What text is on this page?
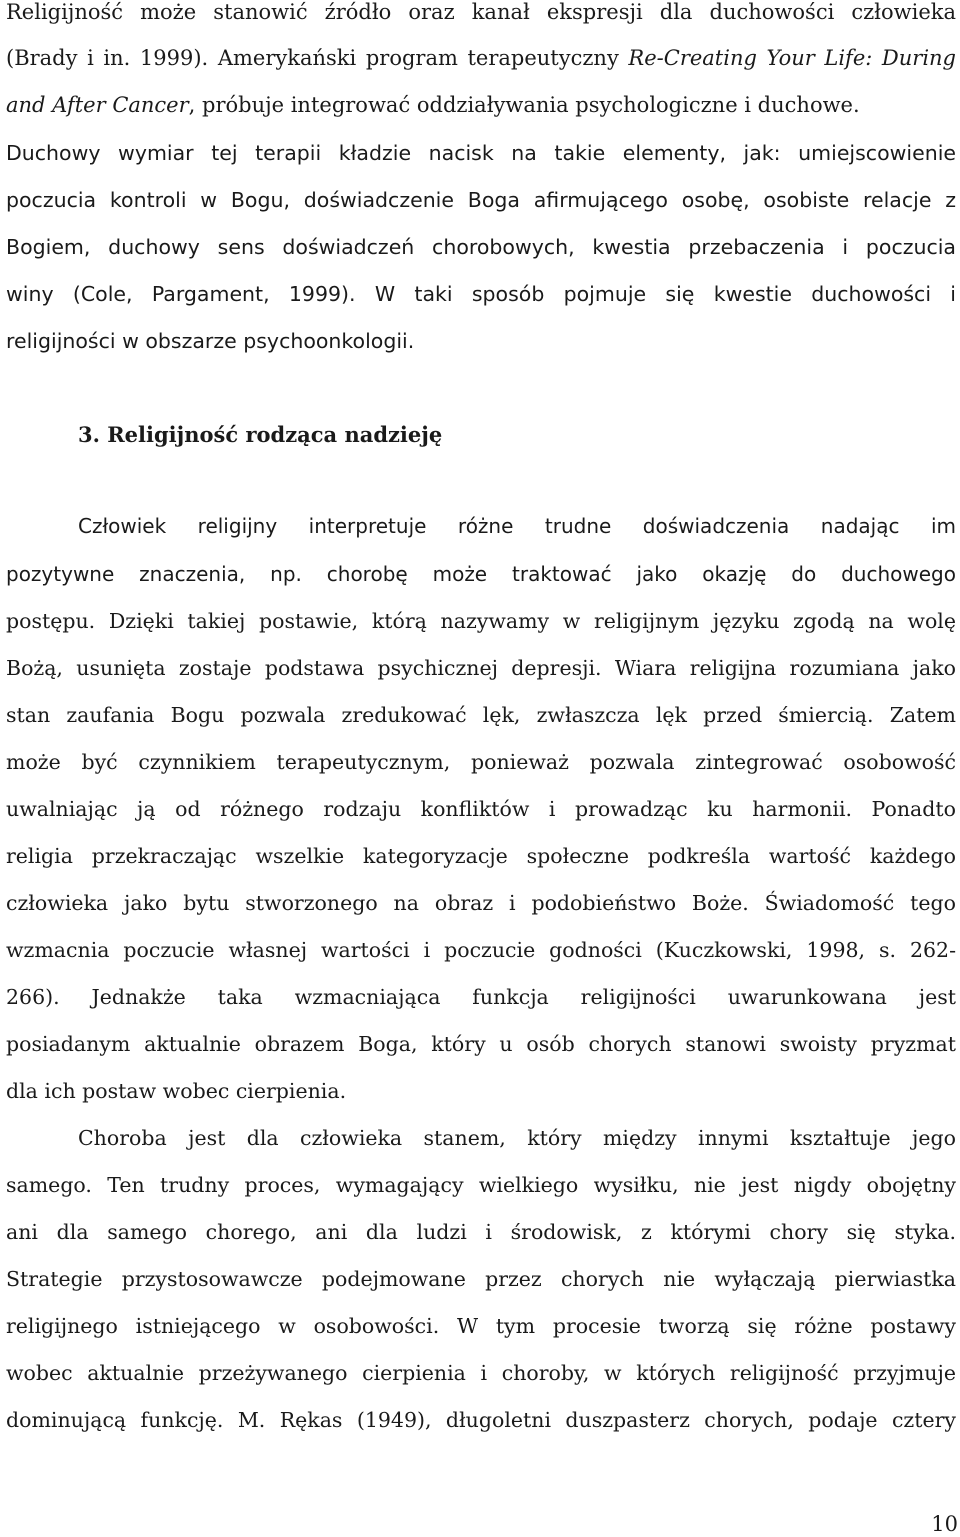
Religijność może stanowić źródło oraz kanał ekspresji dla duchowości człowieka
(Brady i in. 1999). Amerykański program terapeutyczny Re-Creating Your Life: During
and After Cancer, próbuje integrować oddziaływania psychologiczne i duchowe.
Duchowy wymiar tej terapii kładzie nacisk na takie elementy, jak: umiejscowienie
poczucia kontroli w Bogu, doświadczenie Boga afirmującego osobę, osobiste relacje z
Bogiem, duchowy sens doświadczeń chorobowych, kwestia przebaczenia i poczucia
winy (Cole, Pargament, 1999). W taki sposób pojmuje się kwestie duchowości i
religijności w obszarze psychoonkologii.
3. Religijność rodząca nadzieję
Człowiek religijny interpretuje różne trudne doświadczenia nadając im
pozytywne znaczenia, np. chorobę może traktować jako okazję do duchowego
postępu. Dzięki takiej postawie, którą nazywamy w religijnym języku zgodą na wolę
Bożą, usunięta zostaje podstawa psychicznej depresji. Wiara religijna rozumiana jako
stan zaufania Bogu pozwala zredukować lęk, zwłaszcza lęk przed śmiercią. Zatem
może być czynnikiem terapeutycznym, ponieważ pozwala zintegrować osobowość
uwalniając ją od różnego rodzaju konfliktów i prowadząc ku harmonii. Ponadto
religia przekraczając wszelkie kategoryzacje społeczne podkreśla wartość każdego
człowieka jako bytu stworzonego na obraz i podobieństwo Boże. Świadomość tego
wzmacnia poczucie własnej wartości i poczucie godności (Kuczkowski, 1998, s. 262-
266). Jednakże taka wzmacniająca funkcja religijności uwarunkowana jest
posiadanym aktualnie obrazem Boga, który u osób chorych stanowi swoisty pryzmat
dla ich postaw wobec cierpienia.
Choroba jest dla człowieka stanem, który między innymi kształtuje jego
samego. Ten trudny proces, wymagający wielkiego wysiłku, nie jest nigdy obojętny
ani dla samego chorego, ani dla ludzi i środowisk, z którymi chory się styka.
Strategie przystosowawcze podejmowane przez chorych nie wyłączają pierwiastka
religijnego istniejącego w osobowości. W tym procesie tworzą się różne postawy
wobec aktualnie przeżywanego cierpienia i choroby, w których religijność przyjmuje
dominującą funkcję. M. Rękas (1949), długoletni duszpasterz chorych, podaje cztery
10
